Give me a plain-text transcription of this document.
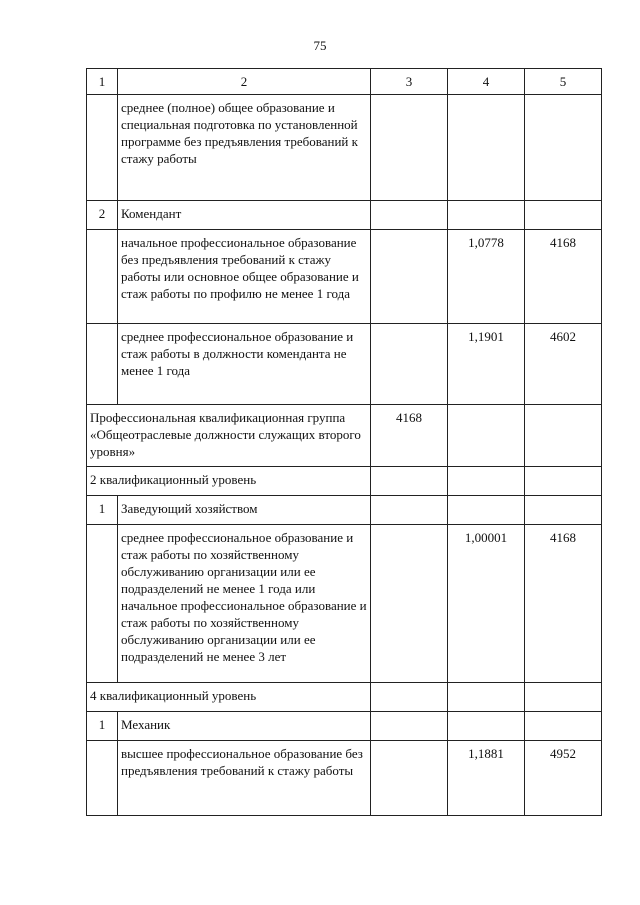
75
1	2	3	4	5
	среднее (полное) общее образование и специальная подготовка по установленной программе без предъявления требований к стажу работы			
2	Комендант			
	начальное профессиональное образование без предъявления требований к стажу работы или основное общее образование и стаж работы по профилю не менее 1 года		1,0778	4168
	среднее профессиональное образование и стаж работы в должности коменданта не менее 1 года		1,1901	4602
Профессиональная квалификационная группа «Общеотраслевые должности служащих второго уровня»		4168		
2 квалификационный уровень				
1	Заведующий хозяйством			
	среднее профессиональное образование и стаж работы по хозяйственному обслуживанию организации или ее подразделений не менее 1 года или начальное профессиональное образование и стаж работы по хозяйственному обслуживанию организации или ее подразделений не менее 3 лет		1,00001	4168
4 квалификационный уровень				
1	Механик			
	высшее профессиональное образование без предъявления требований к стажу работы		1,1881	4952
